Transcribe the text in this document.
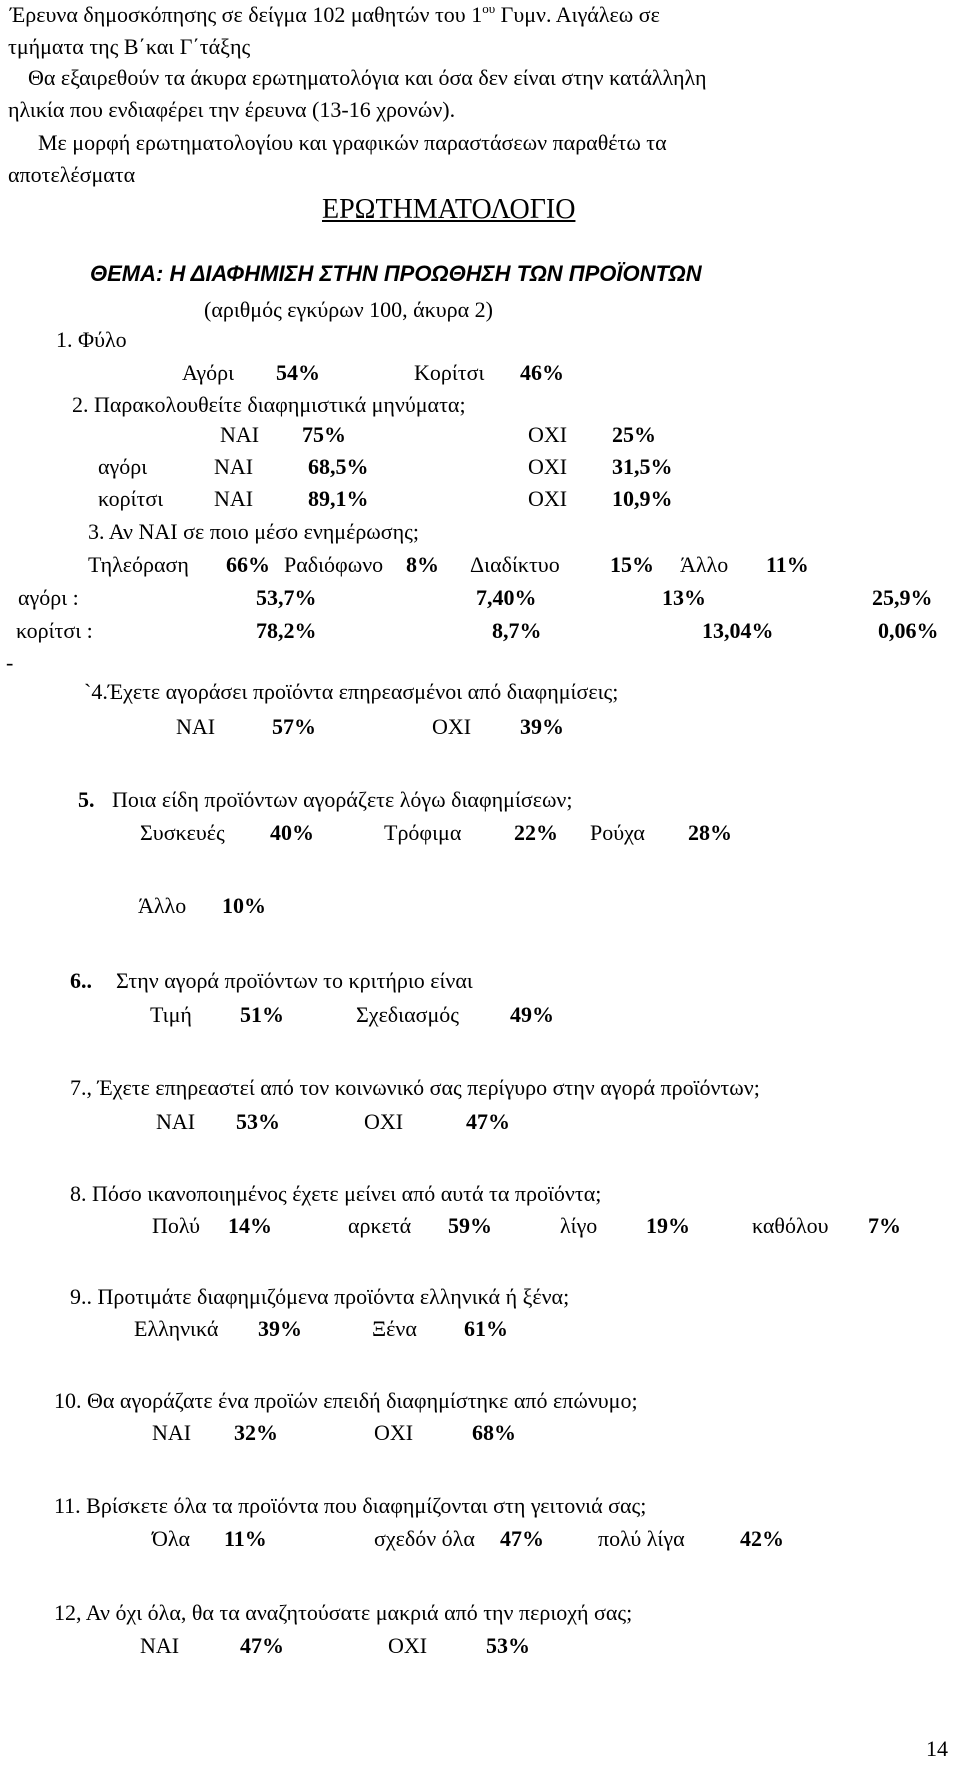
Έρευνα δημοσκόπησης σε δείγμα 102 μαθητών του $1^{o\upsilon}$ Γυμν. Αιγάλεω σε
τμήματα της Β΄και Γ΄τάξης
Θα εξαιρεθούν τα άκυρα ερωτηματολόγια και όσα δεν είναι στην κατάλληλη
ηλικία που ενδιαφέρει την έρευνα (13-16 χρονών).
Με μορφή ερωτηματολογίου και γραφικών παραστάσεων παραθέτω τα
αποτελέσματα
ΕΡΩΤΗΜΑΤΟΛΟΓΙΟ
ΘΕΜΑ: Η ΔΙΑΦΗΜΙΣΗ ΣΤΗΝ ΠΡΟΩΘΗΣΗ ΤΩΝ ΠΡΟΪΟΝΤΩΝ
(αριθμός εγκύρων 100, άκυρα 2)
1. Φύλο
Αγόρι 54%	Κορίτσι 46%
2. Παρακολουθείτε διαφημιστικά μηνύματα;
ΝΑΙ 75%	ΟΧΙ 25%
αγόρι	ΝΑΙ 68,5%	ΟΧΙ 31,5%
κορίτσι ΝΑΙ 89,1%	ΟΧΙ 10,9%
3. Αν ΝΑΙ σε ποιο μέσο ενημέρωσης;
Τηλεόραση 66% Ραδιόφωνο 8% Διαδίκτυο 15% Άλλο 11%
αγόρι :	53,7%	7,40%	13%	25,9%
κορίτσι :	78,2%	8,7%	13,04%	0,06%
-
`4.Έχετε αγοράσει προϊόντα επηρεασμένοι από διαφημίσεις;
ΝΑΙ	57%	ΟΧΙ 39%
5. Ποια είδη προϊόντων αγοράζετε λόγω διαφημίσεων;
Συσκευές 40%	Τρόφιμα 22% Ρούχα 28%
Άλλο 10%
6.. Στην αγορά προϊόντων το κριτήριο είναι
Τιμή 51%	Σχεδιασμός 49%
7., Έχετε επηρεαστεί από τον κοινωνικό σας περίγυρο στην αγορά προϊόντων;
ΝΑΙ 53%	ΟΧΙ	47%
8. Πόσο ικανοποιημένος έχετε μείνει από αυτά τα προϊόντα;
Πολύ 14%	αρκετά 59%	λίγο 19%	καθόλου 7%
9.. Προτιμάτε διαφημιζόμενα προϊόντα ελληνικά ή ξένα;
Ελληνικά 39%	Ξένα 61%
10. Θα αγοράζατε ένα προϊών επειδή διαφημίστηκε από επώνυμο;
ΝΑΙ 32%	ΟΧΙ	68%
11. Βρίσκετε όλα τα προϊόντα που διαφημίζονται στη γειτονιά σας;
Όλα 11%	σχεδόν όλα 47% πολύ λίγα	42%
12, Αν όχι όλα, θα τα αναζητούσατε μακριά από την περιοχή σας;
ΝΑΙ	47%	ΟΧΙ	53%
14
